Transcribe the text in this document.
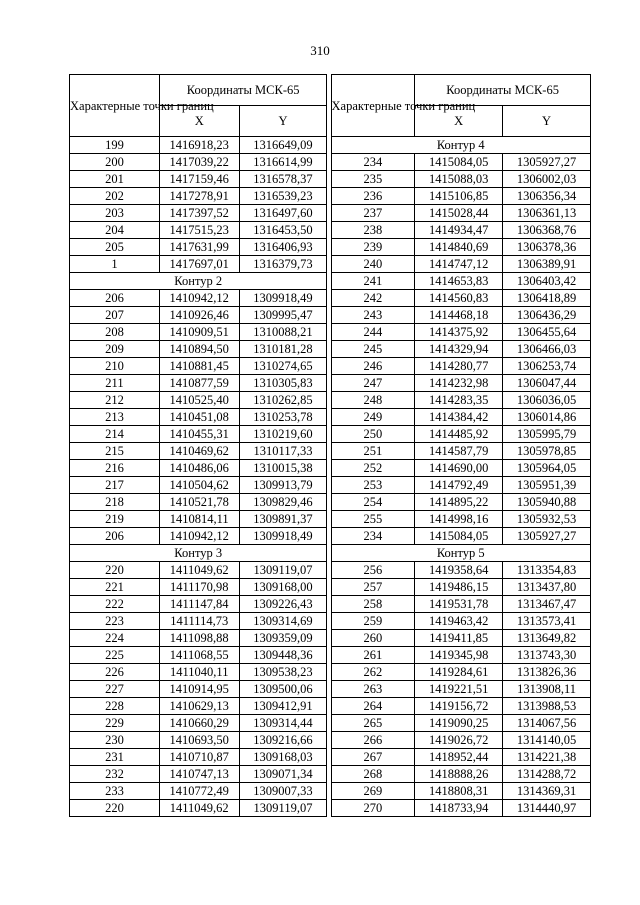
310
Характерные точки границ	Координаты МСК-65			Характерные точки границ	Координаты МСК-65	
	X	Y			X	Y
199	1416918,23	1316649,09		Контур 4		
200	1417039,22	1316614,99		234	1415084,05	1305927,27
201	1417159,46	1316578,37		235	1415088,03	1306002,03
202	1417278,91	1316539,23		236	1415106,85	1306356,34
203	1417397,52	1316497,60		237	1415028,44	1306361,13
204	1417515,23	1316453,50		238	1414934,47	1306368,76
205	1417631,99	1316406,93		239	1414840,69	1306378,36
1	1417697,01	1316379,73		240	1414747,12	1306389,91
Контур 2				241	1414653,83	1306403,42
206	1410942,12	1309918,49		242	1414560,83	1306418,89
207	1410926,46	1309995,47		243	1414468,18	1306436,29
208	1410909,51	1310088,21		244	1414375,92	1306455,64
209	1410894,50	1310181,28		245	1414329,94	1306466,03
210	1410881,45	1310274,65		246	1414280,77	1306253,74
211	1410877,59	1310305,83		247	1414232,98	1306047,44
212	1410525,40	1310262,85		248	1414283,35	1306036,05
213	1410451,08	1310253,78		249	1414384,42	1306014,86
214	1410455,31	1310219,60		250	1414485,92	1305995,79
215	1410469,62	1310117,33		251	1414587,79	1305978,85
216	1410486,06	1310015,38		252	1414690,00	1305964,05
217	1410504,62	1309913,79		253	1414792,49	1305951,39
218	1410521,78	1309829,46		254	1414895,22	1305940,88
219	1410814,11	1309891,37		255	1414998,16	1305932,53
206	1410942,12	1309918,49		234	1415084,05	1305927,27
Контур 3				Контур 5		
220	1411049,62	1309119,07		256	1419358,64	1313354,83
221	1411170,98	1309168,00		257	1419486,15	1313437,80
222	1411147,84	1309226,43		258	1419531,78	1313467,47
223	1411114,73	1309314,69		259	1419463,42	1313573,41
224	1411098,88	1309359,09		260	1419411,85	1313649,82
225	1411068,55	1309448,36		261	1419345,98	1313743,30
226	1411040,11	1309538,23		262	1419284,61	1313826,36
227	1410914,95	1309500,06		263	1419221,51	1313908,11
228	1410629,13	1309412,91		264	1419156,72	1313988,53
229	1410660,29	1309314,44		265	1419090,25	1314067,56
230	1410693,50	1309216,66		266	1419026,72	1314140,05
231	1410710,87	1309168,03		267	1418952,44	1314221,38
232	1410747,13	1309071,34		268	1418888,26	1314288,72
233	1410772,49	1309007,33		269	1418808,31	1314369,31
220	1411049,62	1309119,07		270	1418733,94	1314440,97
